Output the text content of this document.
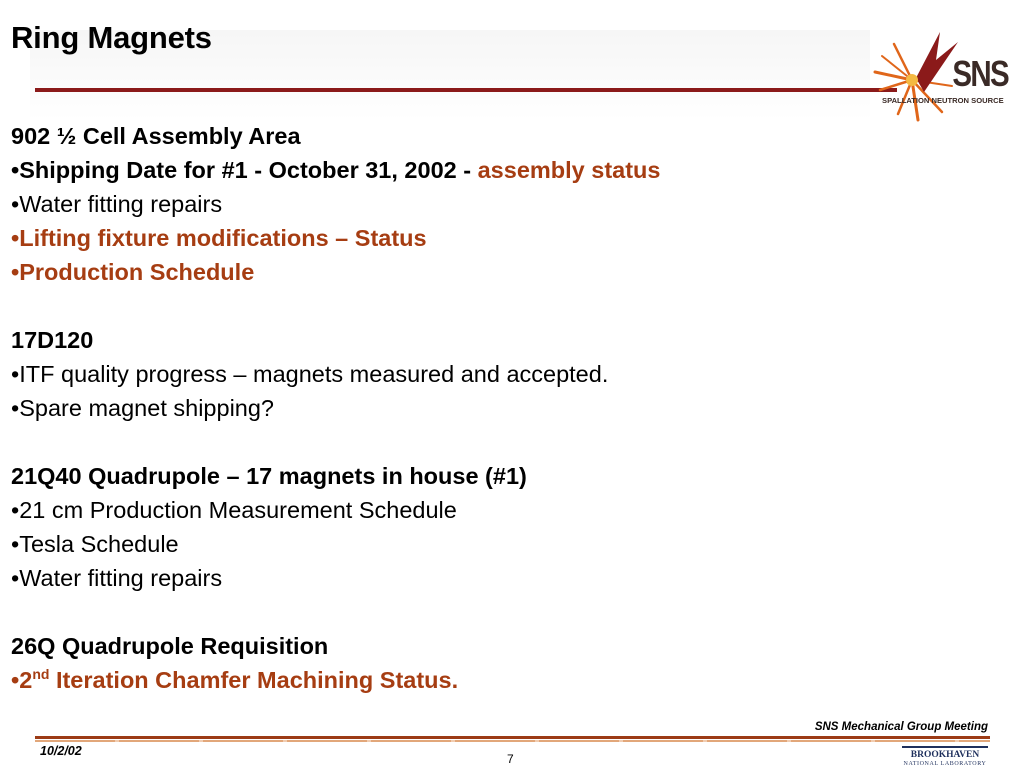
Ring Magnets
SNS
SPALLATION NEUTRON SOURCE
902 ½ Cell Assembly Area
•Shipping Date for #1 - October 31, 2002 - assembly status
•Water fitting repairs
•Lifting fixture modifications – Status
•Production Schedule
17D120
•ITF quality progress – magnets measured and accepted.
•Spare magnet shipping?
21Q40 Quadrupole – 17 magnets in house (#1)
•21 cm Production Measurement Schedule
•Tesla Schedule
•Water fitting repairs
26Q Quadrupole Requisition
•2nd Iteration Chamfer Machining Status.
SNS Mechanical Group Meeting
10/2/02
7	BROOKHAVEN
NATIONAL LABORATORY
